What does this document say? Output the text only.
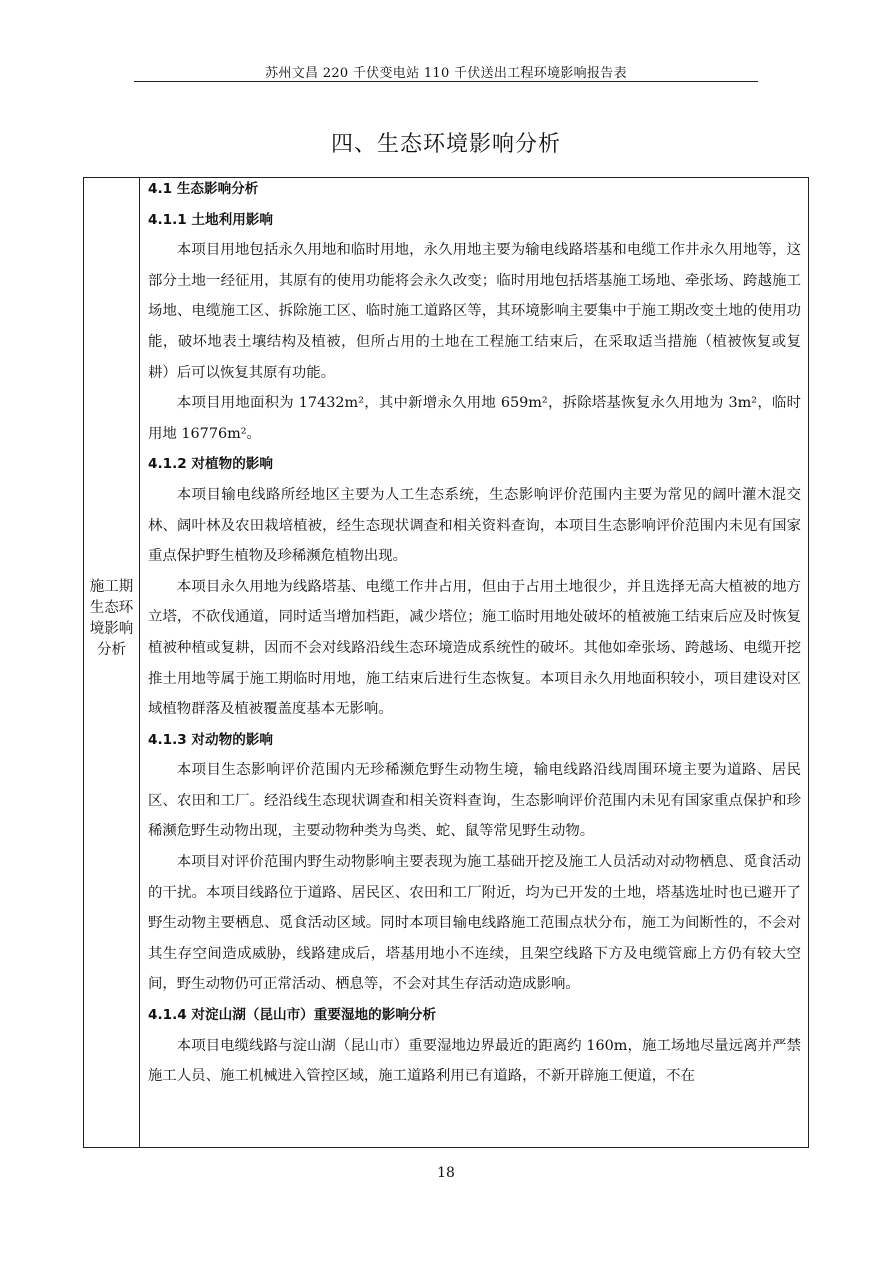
苏州文昌 220 千伏变电站 110 千伏送出工程环境影响报告表
四、生态环境影响分析
施工期生态环境影响分析

4.1 生态影响分析

4.1.1 土地利用影响

本项目用地包括永久用地和临时用地，永久用地主要为输电线路塔基和电缆工作井永久用地等，这部分土地一经征用，其原有的使用功能将会永久改变；临时用地包括塔基施工场地、牵张场、跨越施工场地、电缆施工区、拆除施工区、临时施工道路区等，其环境影响主要集中于施工期改变土地的使用功能，破坏地表土壤结构及植被，但所占用的土地在工程施工结束后，在采取适当措施（植被恢复或复耕）后可以恢复其原有功能。

本项目用地面积为 17432m²，其中新增永久用地 659m²，拆除塔基恢复永久用地为 3m²，临时用地 16776m²。

4.1.2 对植物的影响

本项目输电线路所经地区主要为人工生态系统，生态影响评价范围内主要为常见的阔叶灌木混交林、阔叶林及农田栽培植被，经生态现状调查和相关资料查询，本项目生态影响评价范围内未见有国家重点保护野生植物及珍稀濒危植物出现。

本项目永久用地为线路塔基、电缆工作井占用，但由于占用土地很少，并且选择无高大植被的地方立塔，不砍伐通道，同时适当增加档距，减少塔位；施工临时用地处破坏的植被施工结束后应及时恢复植被种植或复耕，因而不会对线路沿线生态环境造成系统性的破坏。其他如牵张场、跨越场、电缆开挖推土用地等属于施工期临时用地，施工结束后进行生态恢复。本项目永久用地面积较小，项目建设对区域植物群落及植被覆盖度基本无影响。

4.1.3 对动物的影响

本项目生态影响评价范围内无珍稀濒危野生动物生境，输电线路沿线周围环境主要为道路、居民区、农田和工厂。经沿线生态现状调查和相关资料查询，生态影响评价范围内未见有国家重点保护和珍稀濒危野生动物出现，主要动物种类为鸟类、蛇、鼠等常见野生动物。

本项目对评价范围内野生动物影响主要表现为施工基础开挖及施工人员活动对动物栖息、觅食活动的干扰。本项目线路位于道路、居民区、农田和工厂附近，均为已开发的土地，塔基选址时也已避开了野生动物主要栖息、觅食活动区域。同时本项目输电线路施工范围点状分布，施工为间断性的，不会对其生存空间造成威胁，线路建成后，塔基用地小不连续，且架空线路下方及电缆管廊上方仍有较大空间，野生动物仍可正常活动、栖息等，不会对其生存活动造成影响。

4.1.4 对淀山湖（昆山市）重要湿地的影响分析

本项目电缆线路与淀山湖（昆山市）重要湿地边界最近的距离约 160m，施工场地尽量远离并严禁施工人员、施工机械进入管控区域，施工道路利用已有道路，不新开辟施工便道，不在

18
